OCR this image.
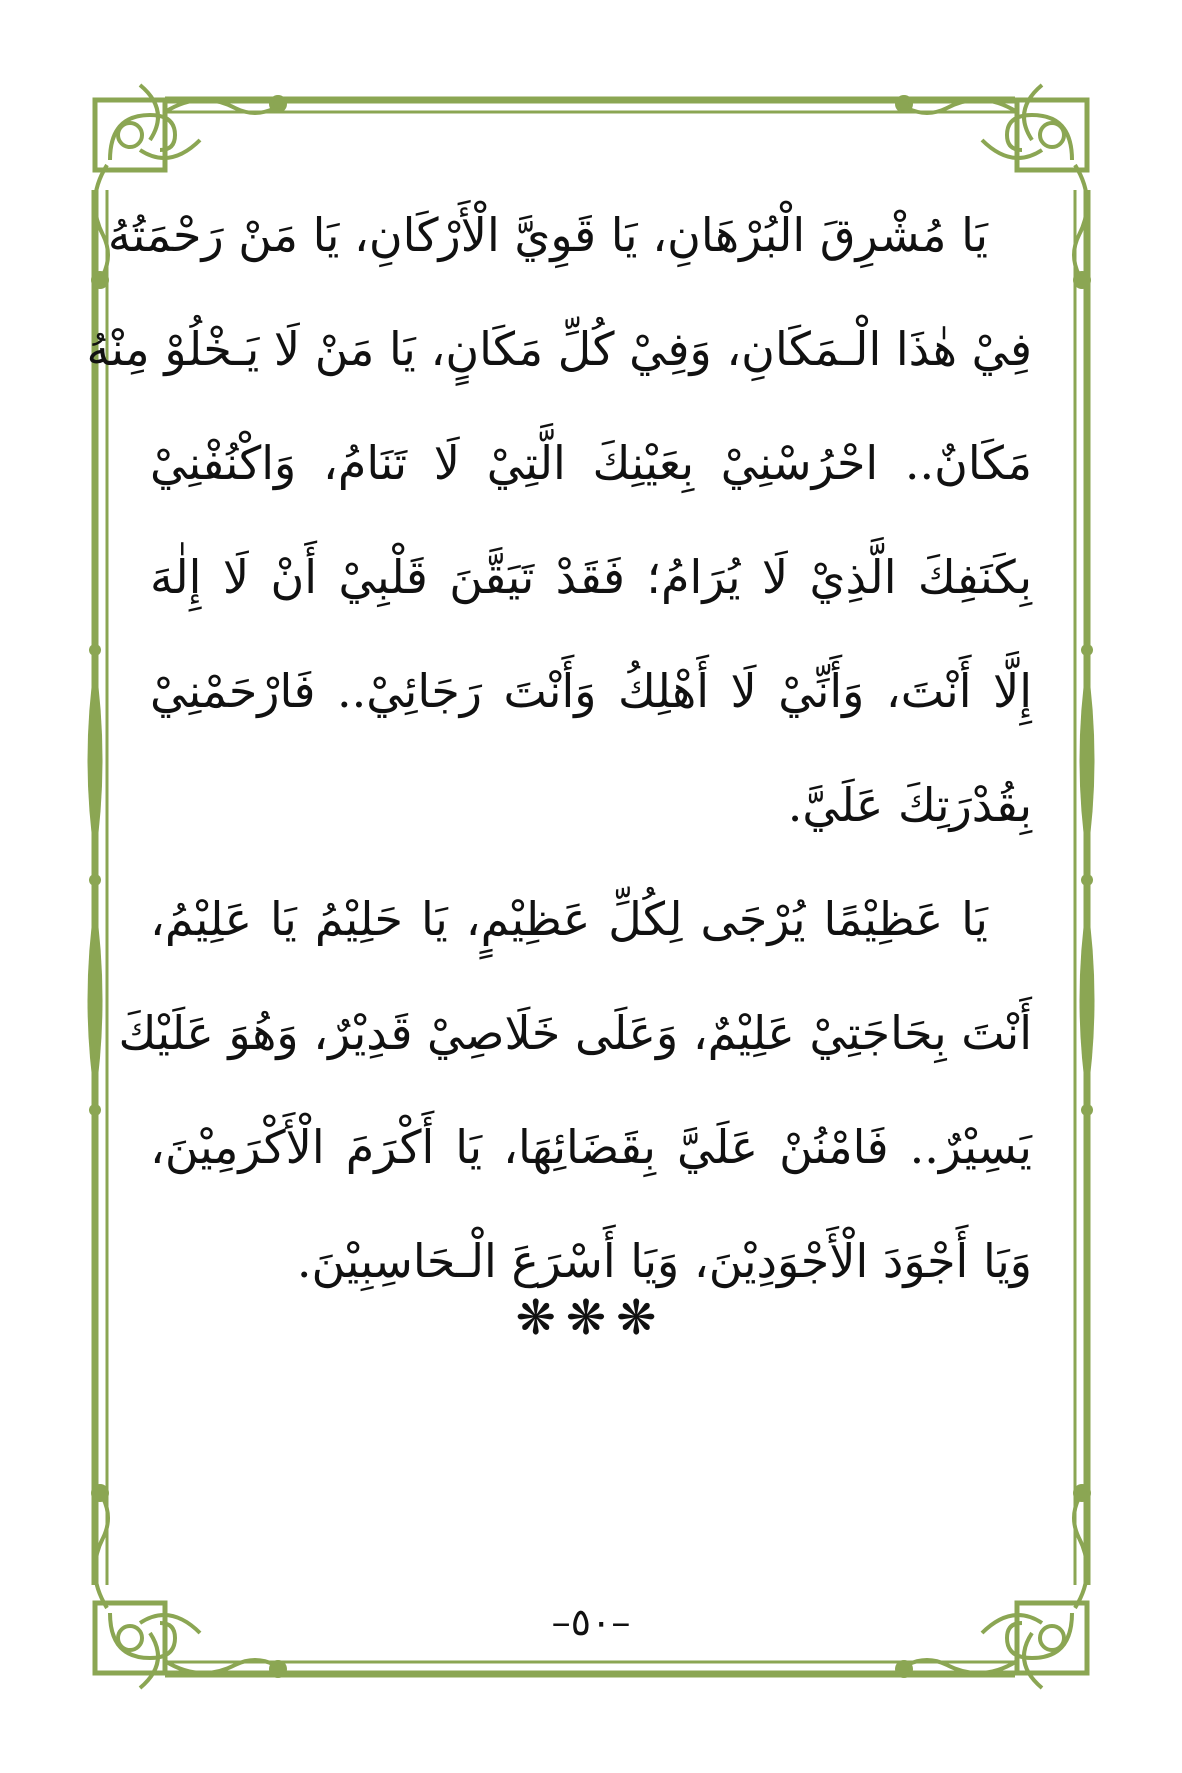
يَا مُشْرِقَ الْبُرْهَانِ، يَا قَوِيَّ الْأَرْكَانِ، يَا مَنْ رَحْمَتُهُ
فِيْ هٰذَا الْـمَكَانِ، وَفِيْ كُلِّ مَكَانٍ، يَا مَنْ لَا يَـخْلُوْ مِنْهُ
مَكَانٌ.. احْرُسْنِيْ بِعَيْنِكَ الَّتِيْ لَا تَنَامُ، وَاكْنُفْنِيْ
بِكَنَفِكَ الَّذِيْ لَا يُرَامُ؛ فَقَدْ تَيَقَّنَ قَلْبِيْ أَنْ لَا إِلٰهَ
إِلَّا أَنْتَ، وَأَنِّيْ لَا أَهْلِكُ وَأَنْتَ رَجَائِيْ.. فَارْحَمْنِيْ
بِقُدْرَتِكَ عَلَيَّ.
يَا عَظِيْمًا يُرْجَى لِكُلِّ عَظِيْمٍ، يَا حَلِيْمُ يَا عَلِيْمُ،
أَنْتَ بِحَاجَتِيْ عَلِيْمٌ، وَعَلَى خَلَاصِيْ قَدِيْرٌ، وَهُوَ عَلَيْكَ
يَسِيْرٌ.. فَامْنُنْ عَلَيَّ بِقَضَائِهَا، يَا أَكْرَمَ الْأَكْرَمِيْنَ،
وَيَا أَجْوَدَ الْأَجْوَدِيْنَ، وَيَا أَسْرَعَ الْـحَاسِبِيْنَ.
❋❋❋
–٥٠–
